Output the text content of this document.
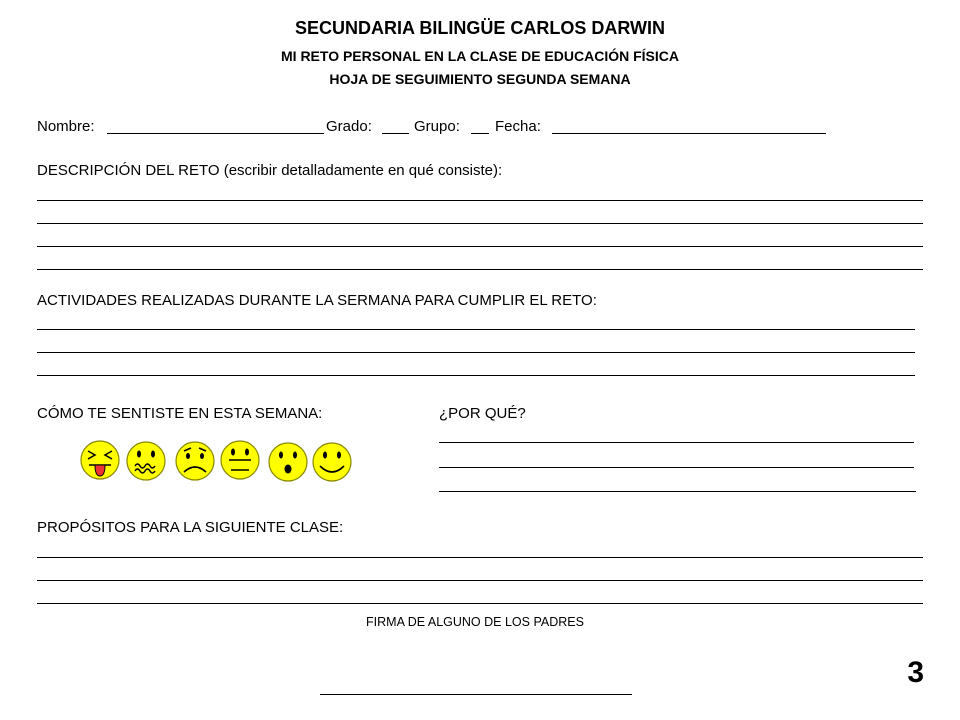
SECUNDARIA BILINGÜE CARLOS DARWIN
MI RETO PERSONAL EN LA CLASE DE EDUCACIÓN FÍSICA
HOJA DE SEGUIMIENTO SEGUNDA SEMANA
Nombre:	Grado:	Grupo: Fecha:
DESCRIPCIÓN DEL RETO (escribir detalladamente en qué consiste):
ACTIVIDADES REALIZADAS DURANTE LA SERMANA PARA CUMPLIR EL RETO:
CÓMO TE SENTISTE EN ESTA SEMANA:	¿POR QUÉ?
PROPÓSITOS PARA LA SIGUIENTE CLASE:
FIRMA DE ALGUNO DE LOS PADRES
3
